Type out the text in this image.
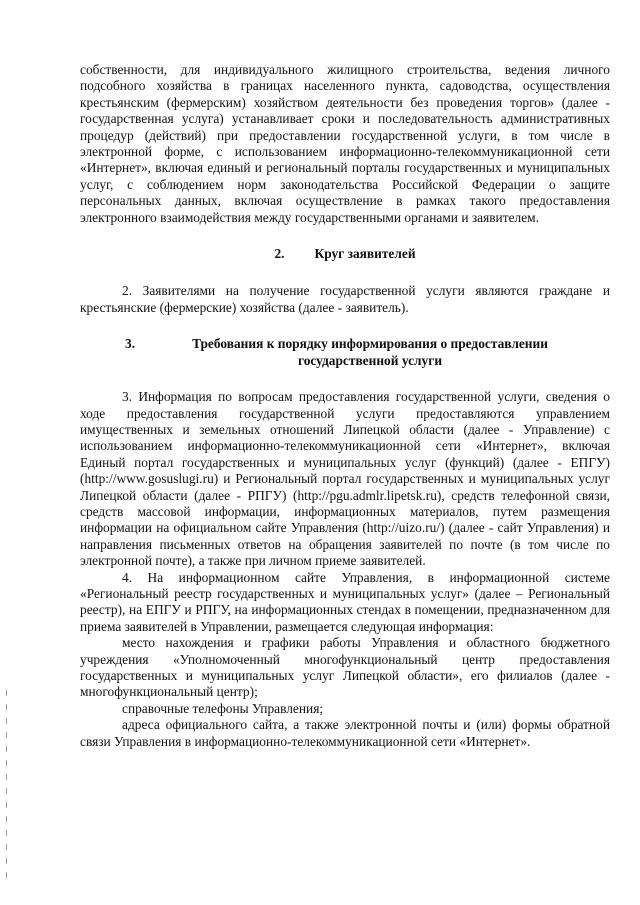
собственности, для индивидуального жилищного строительства, ведения личного подсобного хозяйства в границах населенного пункта, садоводства, осуществления крестьянским (фермерским) хозяйством деятельности без проведения торгов» (далее - государственная услуга) устанавливает сроки и последовательность административных процедур (действий) при предоставлении государственной услуги, в том числе в электронной форме, с использованием информационно-телекоммуникационной сети «Интернет», включая единый и региональный порталы государственных и муниципальных услуг, с соблюдением норм законодательства Российской Федерации о защите персональных данных, включая осуществление в рамках такого предоставления электронного взаимодействия между государственными органами и заявителем.

2. Круг заявителей

2. Заявителями на получение государственной услуги являются граждане и крестьянские (фермерские) хозяйства (далее - заявитель).

3.	Требования к порядку информирования о предоставлении
государственной услуги

3. Информация по вопросам предоставления государственной услуги, сведения о ходе предоставления государственной услуги предоставляются управлением имущественных и земельных отношений Липецкой области (далее - Управление) с использованием информационно-телекоммуникационной сети «Интернет», включая Единый портал государственных и муниципальных услуг (функций) (далее - ЕПГУ) (http://www.gosuslugi.ru) и Региональный портал государственных и муниципальных услуг Липецкой области (далее - РПГУ) (http://pgu.admlr.lipetsk.ru), средств телефонной связи, средств массовой информации, информационных материалов, путем размещения информации на официальном сайте Управления (http://uizo.ru/) (далее - сайт Управления) и направления письменных ответов на обращения заявителей по почте (в том числе по электронной почте), а также при личном приеме заявителей.

4. На информационном сайте Управления, в информационной системе «Региональный реестр государственных и муниципальных услуг» (далее – Региональный реестр), на ЕПГУ и РПГУ, на информационных стендах в помещении, предназначенном для приема заявителей в Управлении, размещается следующая информация:

место нахождения и графики работы Управления и областного бюджетного учреждения «Уполномоченный многофункциональный центр предоставления государственных и муниципальных услуг Липецкой области», его филиалов (далее - многофункциональный центр);

справочные телефоны Управления;

адреса официального сайта, а также электронной почты и (или) формы обратной связи Управления в информационно-телекоммуникационной сети «Интернет».
